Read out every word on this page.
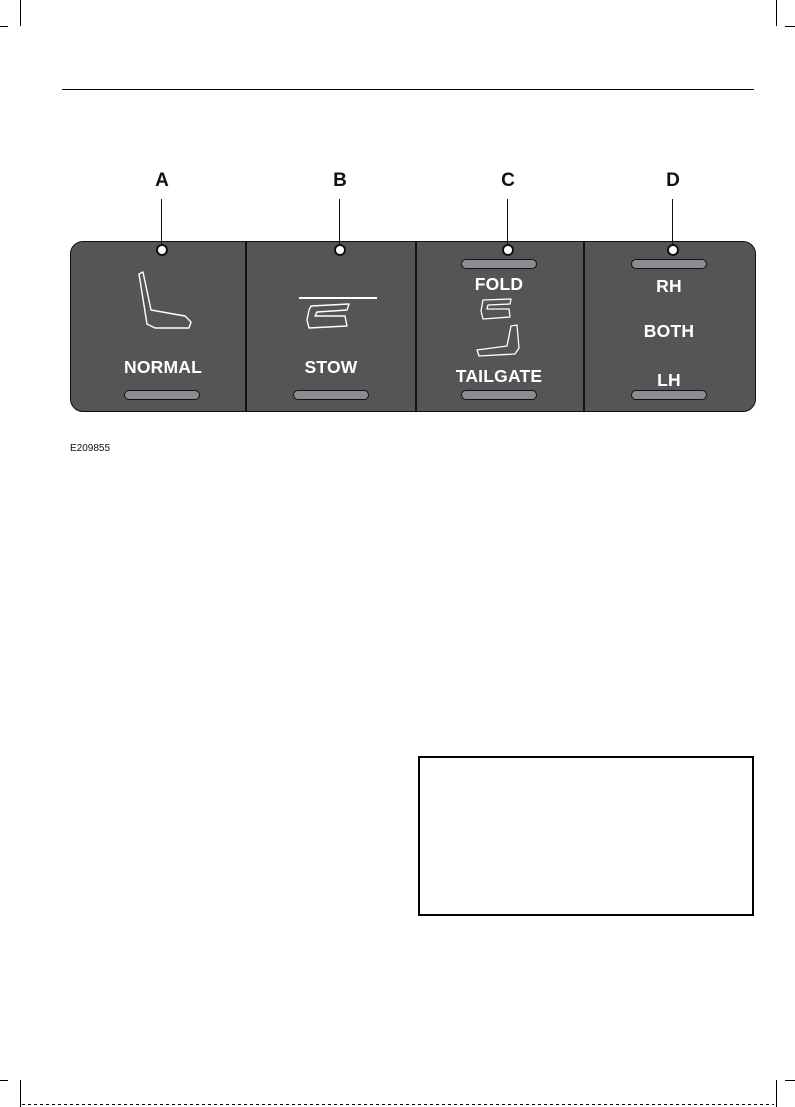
A	B	C	D
NORMAL	STOW
FOLD
TAILGATE
RH
BOTH
LH
E209855
